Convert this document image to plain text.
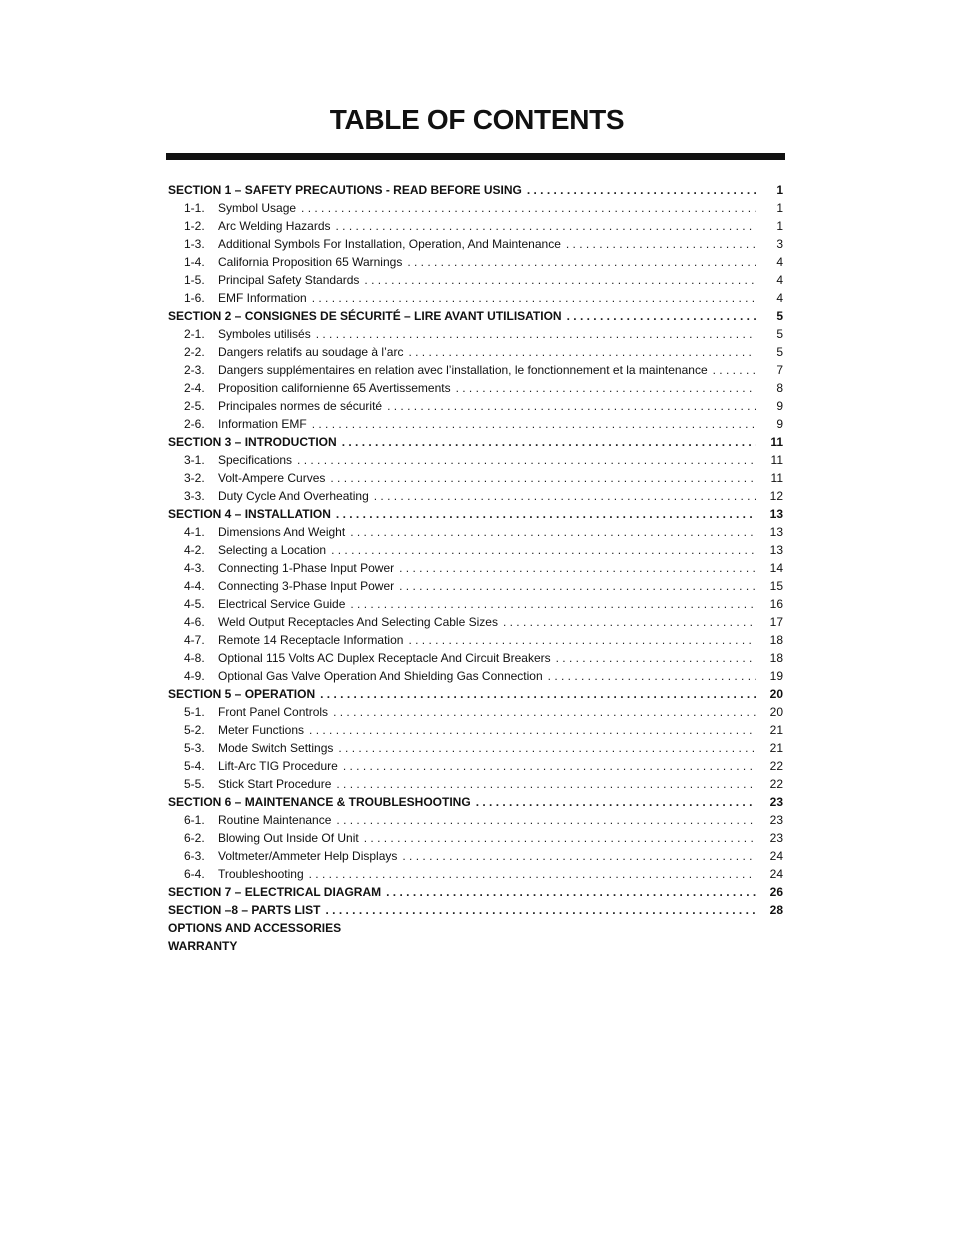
TABLE OF CONTENTS
SECTION 1 – SAFETY PRECAUTIONS - READ BEFORE USING . . .	1
1-1.	Symbol Usage . . .	1
1-2.	Arc Welding Hazards . . .	1
1-3.	Additional Symbols For Installation, Operation, And Maintenance . . .	3
1-4.	California Proposition 65 Warnings . . .	4
1-5.	Principal Safety Standards . . .	4
1-6.	EMF Information . . .	4
SECTION 2 – CONSIGNES DE SÉCURITÉ – LIRE AVANT UTILISATION . . .	5
2-1.	Symboles utilisés . . .	5
2-2.	Dangers relatifs au soudage à l’arc . . .	5
2-3.	Dangers supplémentaires en relation avec l’installation, le fonctionnement et la maintenance . . .	7
2-4.	Proposition californienne 65 Avertissements . . .	8
2-5.	Principales normes de sécurité . . .	9
2-6.	Information EMF . . .	9
SECTION 3 – INTRODUCTION . . .	11
3-1.	Specifications . . .	11
3-2.	Volt-Ampere Curves . . .	11
3-3.	Duty Cycle And Overheating . . .	12
SECTION 4 – INSTALLATION . . .	13
4-1.	Dimensions And Weight . . .	13
4-2.	Selecting a Location . . .	13
4-3.	Connecting 1-Phase Input Power . . .	14
4-4.	Connecting 3-Phase Input Power . . .	15
4-5.	Electrical Service Guide . . .	16
4-6.	Weld Output Receptacles And Selecting Cable Sizes . . .	17
4-7.	Remote 14 Receptacle Information . . .	18
4-8.	Optional 115 Volts AC Duplex Receptacle And Circuit Breakers . . .	18
4-9.	Optional Gas Valve Operation And Shielding Gas Connection . . .	19
SECTION 5 – OPERATION . . .	20
5-1.	Front Panel Controls . . .	20
5-2.	Meter Functions . . .	21
5-3.	Mode Switch Settings . . .	21
5-4.	Lift-Arc TIG Procedure . . .	22
5-5.	Stick Start Procedure . . .	22
SECTION 6 – MAINTENANCE & TROUBLESHOOTING . . .	23
6-1.	Routine Maintenance . . .	23
6-2.	Blowing Out Inside Of Unit . . .	23
6-3.	Voltmeter/Ammeter Help Displays . . .	24
6-4.	Troubleshooting . . .	24
SECTION 7 – ELECTRICAL DIAGRAM . . .	26
SECTION –8 – PARTS LIST . . .	28
OPTIONS AND ACCESSORIES
WARRANTY
